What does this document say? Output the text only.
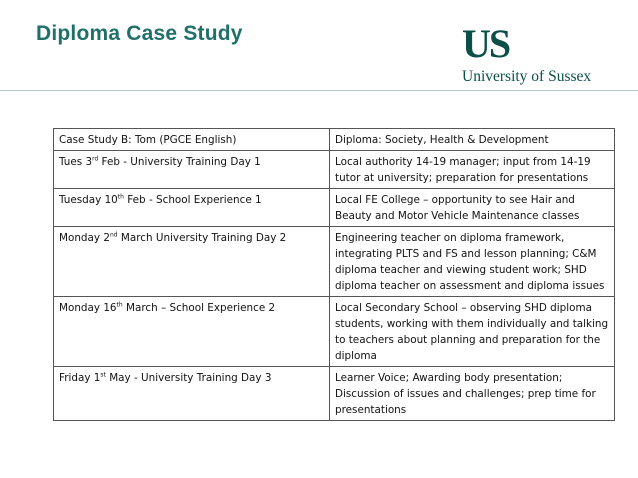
Diploma Case Study	US
University of Sussex
Case Study B: Tom (PGCE English)	Diploma: Society, Health & Development
Tues 3rd Feb - University Training Day 1	Local authority 14-19 manager; input from 14-19 tutor at university; preparation for presentations
Tuesday 10th Feb - School Experience 1	Local FE College – opportunity to see Hair and Beauty and Motor Vehicle Maintenance classes
Monday 2nd March University Training Day 2	Engineering teacher on diploma framework, integrating PLTS and FS and lesson planning; C&M diploma teacher and viewing student work; SHD diploma teacher on assessment and diploma issues
Monday 16th March – School Experience 2	Local Secondary School – observing SHD diploma students, working with them individually and talking to teachers about planning and preparation for the diploma
Friday 1st May - University Training Day 3	Learner Voice; Awarding body presentation; Discussion of issues and challenges; prep time for presentations
